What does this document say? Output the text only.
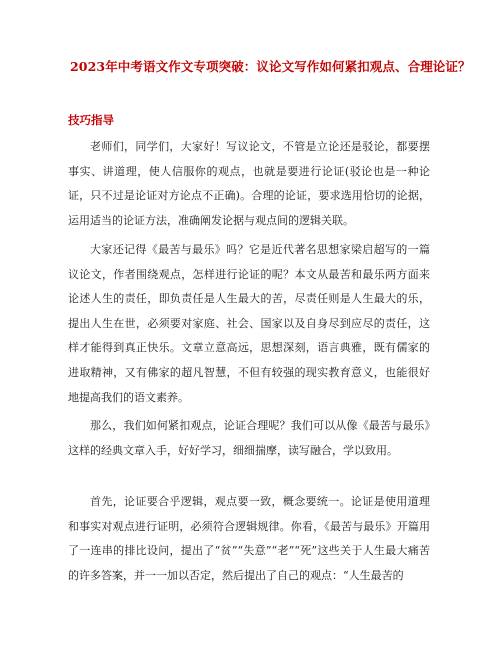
2023年中考语文作文专项突破：议论文写作如何紧扣观点、合理论证？
技巧指导

老师们，同学们，大家好！写议论文，不管是立论还是驳论，都要摆事实、讲道理，使人信服你的观点，也就是要进行论证(驳论也是一种论证，只不过是论证对方论点不正确)。合理的论证，要求选用恰切的论据，运用适当的论证方法，准确阐发论据与观点间的逻辑关联。

大家还记得《最苦与最乐》吗？它是近代著名思想家梁启超写的一篇议论文，作者围绕观点，怎样进行论证的呢？本文从最苦和最乐两方面来论述人生的责任，即负责任是人生最大的苦，尽责任则是人生最大的乐，提出人生在世，必须要对家庭、社会、国家以及自身尽到应尽的责任，这样才能得到真正快乐。文章立意高远，思想深刻，语言典雅，既有儒家的进取精神，又有佛家的超凡智慧，不但有较强的现实教育意义，也能很好地提高我们的语文素养。

那么，我们如何紧扣观点，论证合理呢？我们可以从像《最苦与最乐》这样的经典文章入手，好好学习，细细揣摩，读写融合，学以致用。

首先，论证要合乎逻辑，观点要一致，概念要统一。论证是使用道理和事实对观点进行证明，必须符合逻辑规律。你看，《最苦与最乐》开篇用了一连串的排比设问，提出了“贫”“失意”“老”“死”这些关于人生最大痛苦的许多答案，并一一加以否定，然后提出了自己的观点：“人生最苦的
